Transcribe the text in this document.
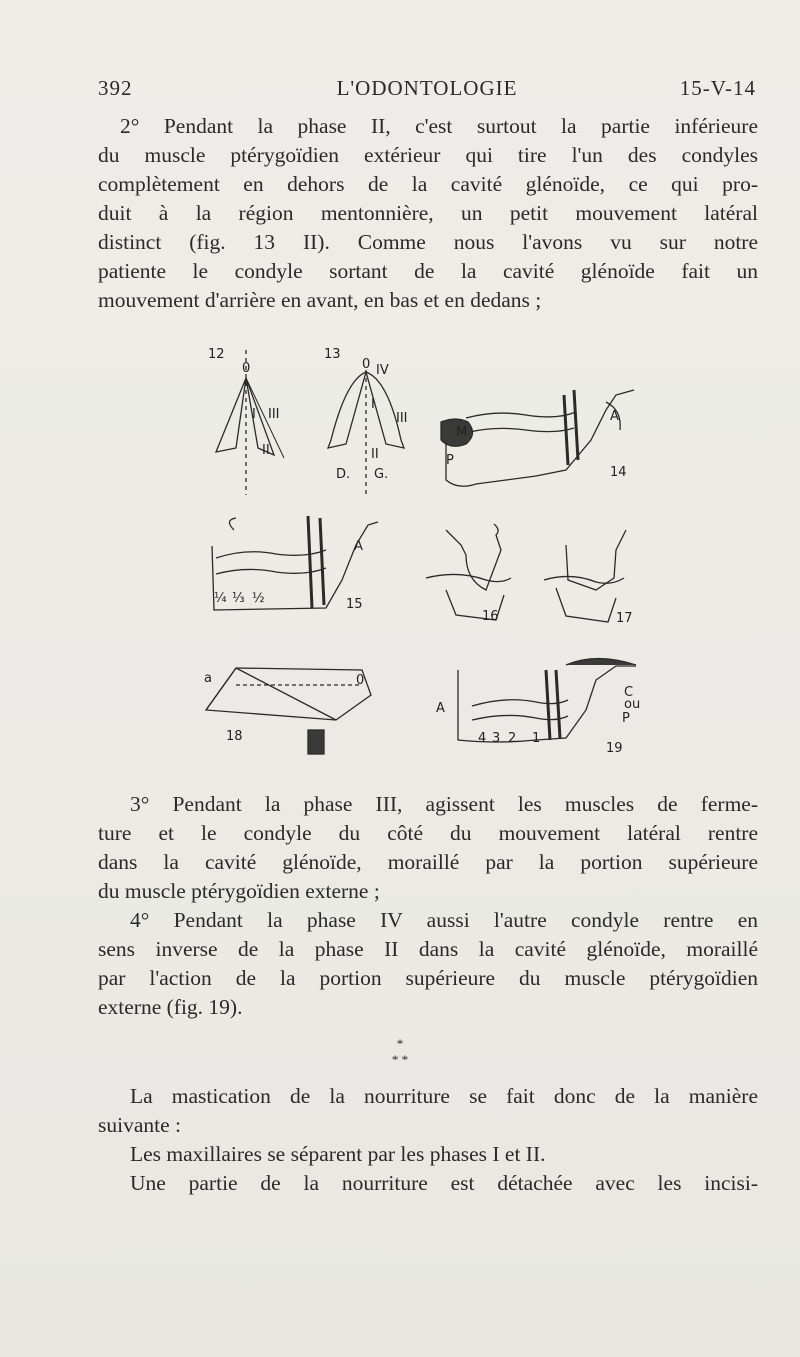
392	L'ODONTOLOGIE	15-V-14
2° Pendant la phase II, c'est surtout la partie inférieure
du muscle ptérygoïdien extérieur qui tire l'un des condyles
complètement en dehors de la cavité glénoïde, ce qui pro-
duit à la région mentonnière, un petit mouvement latéral
distinct (fig. 13 II). Comme nous l'avons vu sur notre
patiente le condyle sortant de la cavité glénoïde fait un
mouvement d'arrière en avant, en bas et en dedans ;
12
0
I
II
III
13
0 IV
I
II
III
D. G.
A
P
M
14
A
¼ ⅓ ½	15
16	17
a	0
18
A
C
ou
P
4 3 2 1
19
3° Pendant la phase III, agissent les muscles de ferme-
ture et le condyle du côté du mouvement latéral rentre
dans la cavité glénoïde, moraillé par la portion supérieure
du muscle ptérygoïdien externe ;
4° Pendant la phase IV aussi l'autre condyle rentre en
sens inverse de la phase II dans la cavité glénoïde, moraillé
par l'action de la portion supérieure du muscle ptérygoïdien
externe (fig. 19).
*
* *
La mastication de la nourriture se fait donc de la manière
suivante :
Les maxillaires se séparent par les phases I et II.
Une partie de la nourriture est détachée avec les incisi-
